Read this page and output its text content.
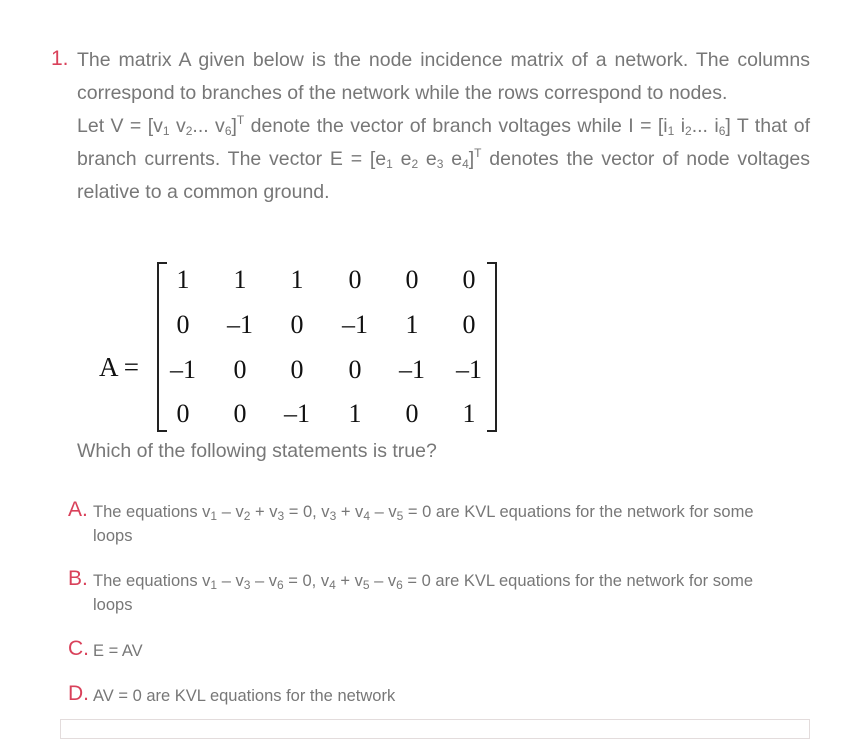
1. The matrix A given below is the node incidence matrix of a network. The columns correspond to branches of the network while the rows correspond to nodes.

Let $V = [v_1$ $v_2$... $v_6]^T$ denote the vector of branch voltages while $I = [i_1$ $i_2$... $i_6$] T that of branch currents. The vector $E = [e_1$ $e_2$ $e_3$ $e_4]^T$ denotes the vector of node voltages relative to a common ground.

A =
1	1	1	0	0	0
0	–1	0	–1	1	0
–1	0	0	0	–1 –1
0	0	–1	1	0	1
Which of the following statements is true?
A. The equations $v_1 - v_2 + v_3 = 0$, $v_3 + v_4 - v_5 = 0$ are KVL equations for the network for some loops
B. The equations $v_1 - v_3 - v_6 = 0$, $v_4 + v_5 - v_6 = 0$ are KVL equations for the network for some loops
C. E = AV
D. AV = 0 are KVL equations for the network
